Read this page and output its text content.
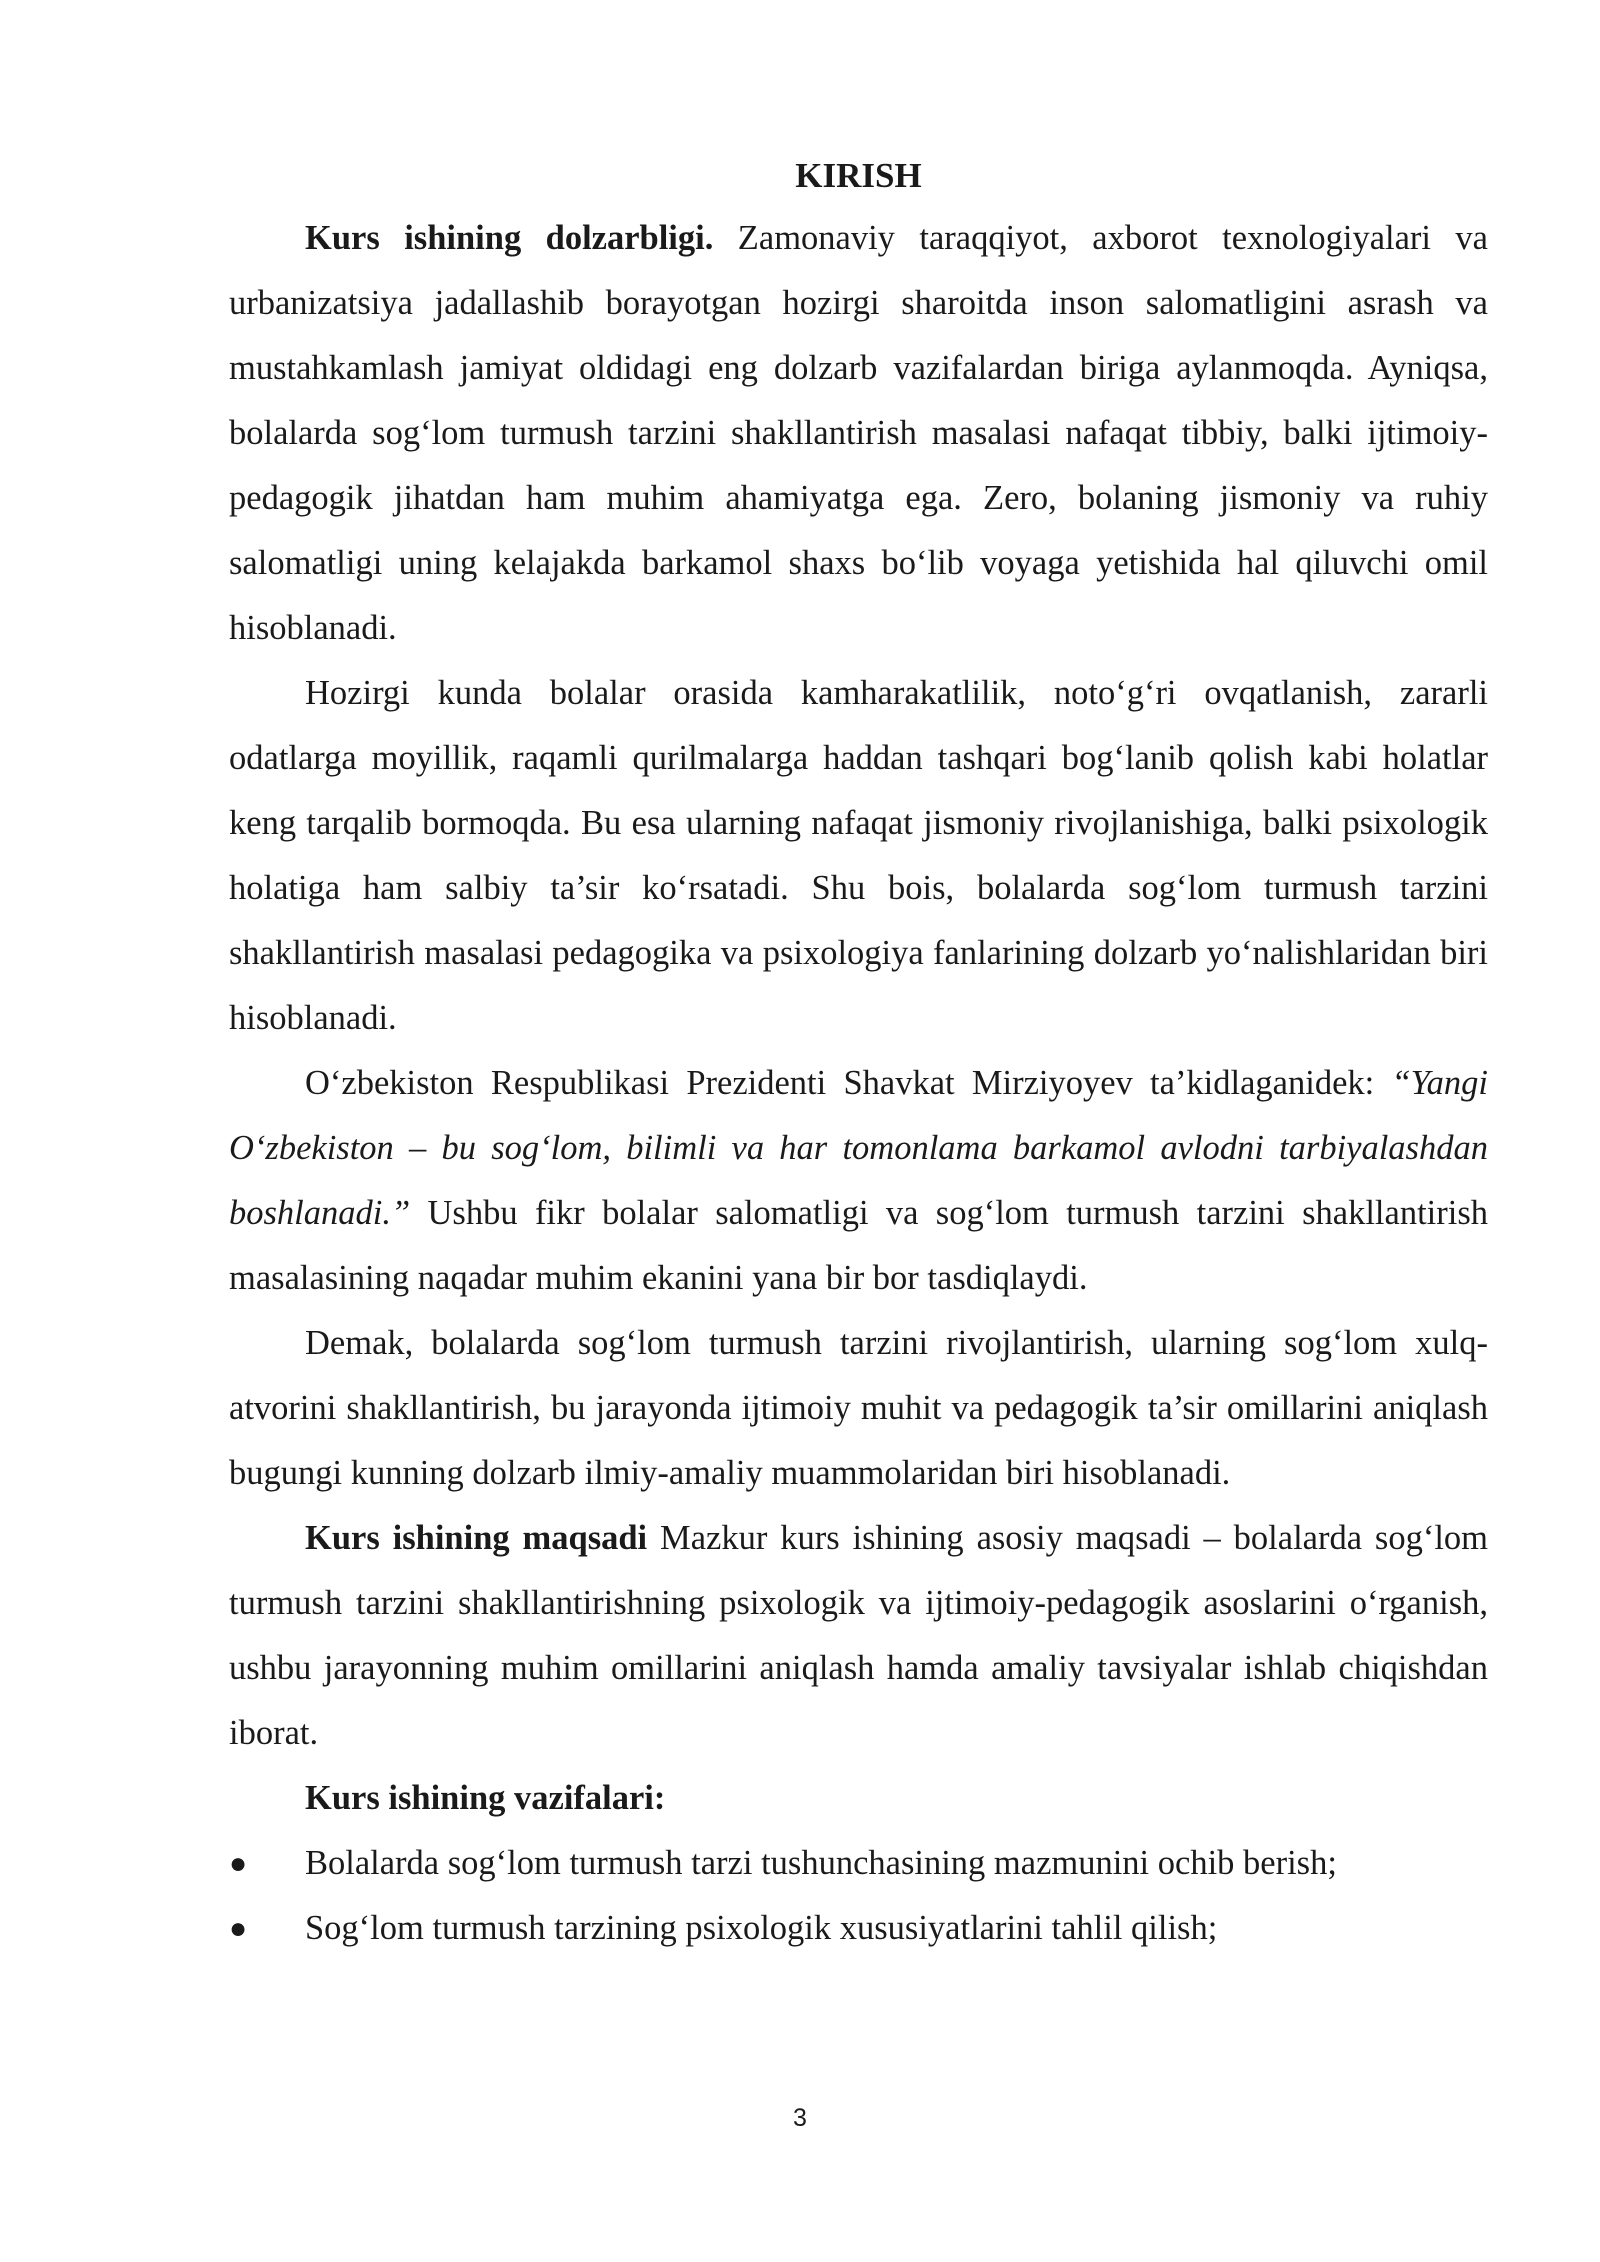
KIRISH

Kurs ishining dolzarbligi. Zamonaviy taraqqiyot, axborot texnologiyalari va urbanizatsiya jadallashib borayotgan hozirgi sharoitda inson salomatligini asrash va mustahkamlash jamiyat oldidagi eng dolzarb vazifalardan biriga aylanmoqda. Ayniqsa, bolalarda sog‘lom turmush tarzini shakllantirish masalasi nafaqat tibbiy, balki ijtimoiy-pedagogik jihatdan ham muhim ahamiyatga ega. Zero, bolaning jismoniy va ruhiy salomatligi uning kelajakda barkamol shaxs bo‘lib voyaga yetishida hal qiluvchi omil hisoblanadi.

Hozirgi kunda bolalar orasida kamharakatlilik, noto‘g‘ri ovqatlanish, zararli odatlarga moyillik, raqamli qurilmalarga haddan tashqari bog‘lanib qolish kabi holatlar keng tarqalib bormoqda. Bu esa ularning nafaqat jismoniy rivojlanishiga, balki psixologik holatiga ham salbiy ta’sir ko‘rsatadi. Shu bois, bolalarda sog‘lom turmush tarzini shakllantirish masalasi pedagogika va psixologiya fanlarining dolzarb yo‘nalishlaridan biri hisoblanadi.

O‘zbekiston Respublikasi Prezidenti Shavkat Mirziyoyev ta’kidlaganidek: “Yangi O‘zbekiston – bu sog‘lom, bilimli va har tomonlama barkamol avlodni tarbiyalashdan boshlanadi.” Ushbu fikr bolalar salomatligi va sog‘lom turmush tarzini shakllantirish masalasining naqadar muhim ekanini yana bir bor tasdiqlaydi.

Demak, bolalarda sog‘lom turmush tarzini rivojlantirish, ularning sog‘lom xulq-atvorini shakllantirish, bu jarayonda ijtimoiy muhit va pedagogik ta’sir omillarini aniqlash bugungi kunning dolzarb ilmiy-amaliy muammolaridan biri hisoblanadi.

Kurs ishining maqsadi Mazkur kurs ishining asosiy maqsadi – bolalarda sog‘lom turmush tarzini shakllantirishning psixologik va ijtimoiy-pedagogik asoslarini o‘rganish, ushbu jarayonning muhim omillarini aniqlash hamda amaliy tavsiyalar ishlab chiqishdan iborat.

Kurs ishining vazifalari:
●	Bolalarda sog‘lom turmush tarzi tushunchasining mazmunini ochib berish;
●	Sog‘lom turmush tarzining psixologik xususiyatlarini tahlil qilish;
3
